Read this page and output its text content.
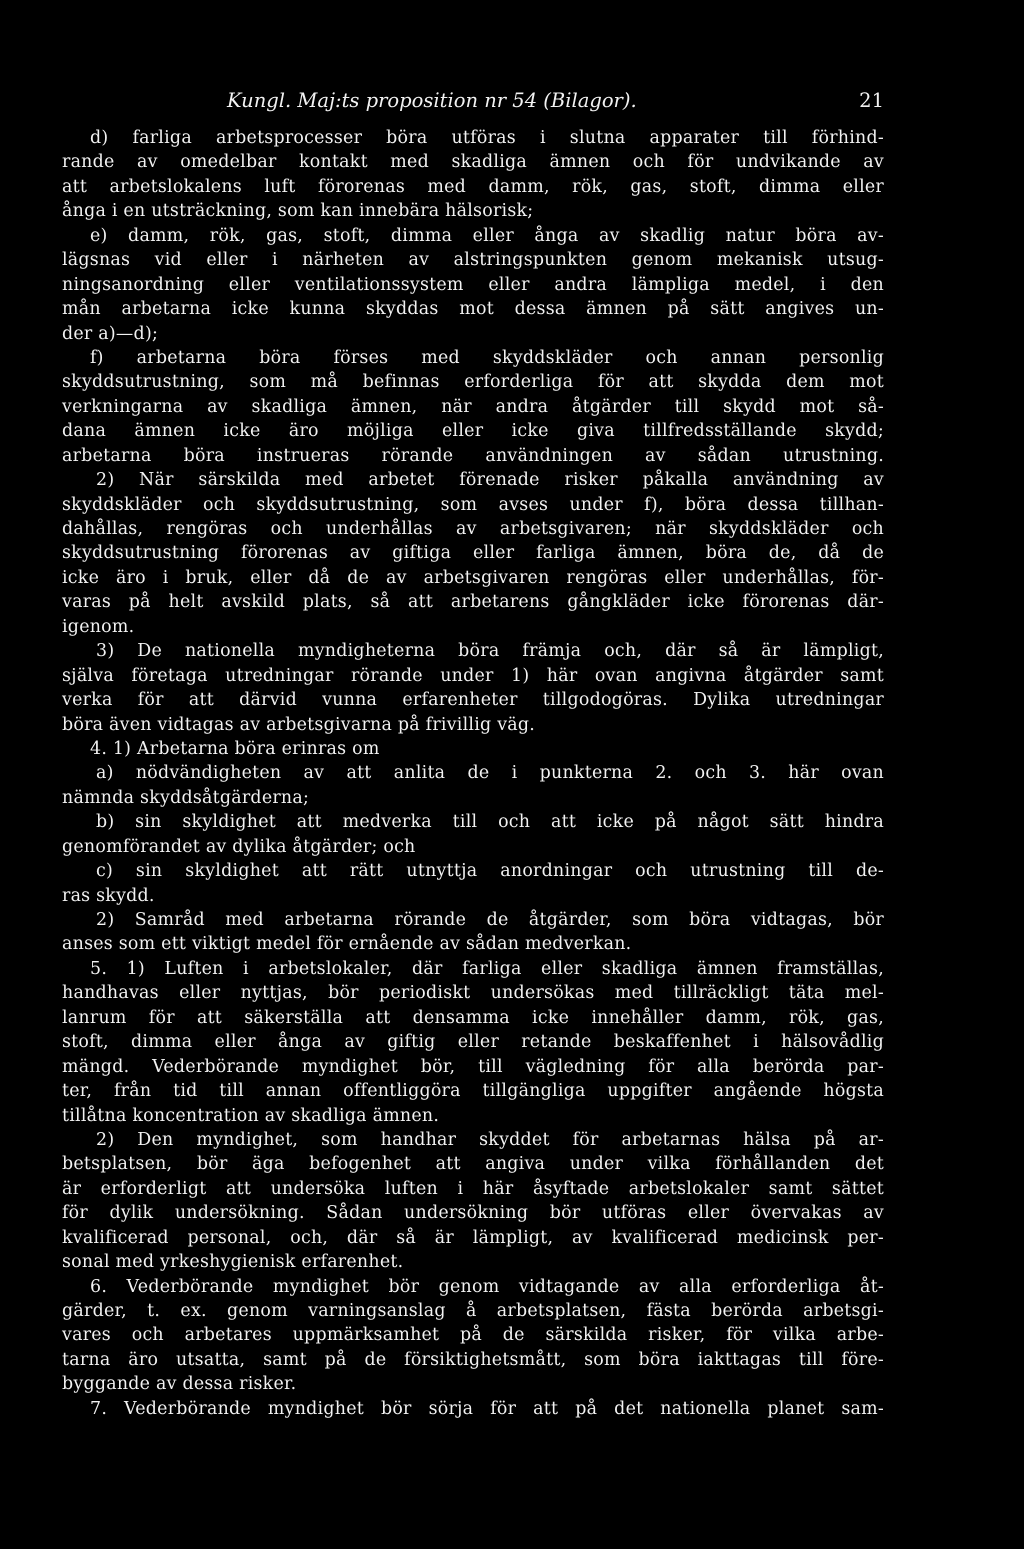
Kungl. Maj:ts proposition nr 54 (Bilagor).	21
d) farliga arbetsprocesser böra utföras i slutna apparater till förhind-
rande av omedelbar kontakt med skadliga ämnen och för undvikande av
att arbetslokalens luft förorenas med damm, rök, gas, stoft, dimma eller
ånga i en utsträckning, som kan innebära hälsorisk;
e) damm, rök, gas, stoft, dimma eller ånga av skadlig natur böra av-
lägsnas vid eller i närheten av alstringspunkten genom mekanisk utsug-
ningsanordning eller ventilationssystem eller andra lämpliga medel, i den
mån arbetarna icke kunna skyddas mot dessa ämnen på sätt angives un-
der a)—d);
f) arbetarna böra förses med skyddskläder och annan personlig
skyddsutrustning, som må befinnas erforderliga för att skydda dem mot
verkningarna av skadliga ämnen, när andra åtgärder till skydd mot så-
dana ämnen icke äro möjliga eller icke giva tillfredsställande skydd;
arbetarna böra instrueras rörande användningen av sådan utrustning.
2) När särskilda med arbetet förenade risker påkalla användning av
skyddskläder och skyddsutrustning, som avses under f), böra dessa tillhan-
dahållas, rengöras och underhållas av arbetsgivaren; när skyddskläder och
skyddsutrustning förorenas av giftiga eller farliga ämnen, böra de, då de
icke äro i bruk, eller då de av arbetsgivaren rengöras eller underhållas, för-
varas på helt avskild plats, så att arbetarens gångkläder icke förorenas där-
igenom.
3) De nationella myndigheterna böra främja och, där så är lämpligt,
själva företaga utredningar rörande under 1) här ovan angivna åtgärder samt
verka för att därvid vunna erfarenheter tillgodogöras. Dylika utredningar
böra även vidtagas av arbetsgivarna på frivillig väg.
4. 1) Arbetarna böra erinras om
a) nödvändigheten av att anlita de i punkterna 2. och 3. här ovan
nämnda skyddsåtgärderna;
b) sin skyldighet att medverka till och att icke på något sätt hindra
genomförandet av dylika åtgärder; och
c) sin skyldighet att rätt utnyttja anordningar och utrustning till de-
ras skydd.
2) Samråd med arbetarna rörande de åtgärder, som böra vidtagas, bör
anses som ett viktigt medel för ernående av sådan medverkan.
5. 1) Luften i arbetslokaler, där farliga eller skadliga ämnen framställas,
handhavas eller nyttjas, bör periodiskt undersökas med tillräckligt täta mel-
lanrum för att säkerställa att densamma icke innehåller damm, rök, gas,
stoft, dimma eller ånga av giftig eller retande beskaffenhet i hälsovådlig
mängd. Vederbörande myndighet bör, till vägledning för alla berörda par-
ter, från tid till annan offentliggöra tillgängliga uppgifter angående högsta
tillåtna koncentration av skadliga ämnen.
2) Den myndighet, som handhar skyddet för arbetarnas hälsa på ar-
betsplatsen, bör äga befogenhet att angiva under vilka förhållanden det
är erforderligt att undersöka luften i här åsyftade arbetslokaler samt sättet
för dylik undersökning. Sådan undersökning bör utföras eller övervakas av
kvalificerad personal, och, där så är lämpligt, av kvalificerad medicinsk per-
sonal med yrkeshygienisk erfarenhet.
6. Vederbörande myndighet bör genom vidtagande av alla erforderliga åt-
gärder, t. ex. genom varningsanslag å arbetsplatsen, fästa berörda arbetsgi-
vares och arbetares uppmärksamhet på de särskilda risker, för vilka arbe-
tarna äro utsatta, samt på de försiktighetsmått, som böra iakttagas till före-
byggande av dessa risker.
7. Vederbörande myndighet bör sörja för att på det nationella planet sam-
